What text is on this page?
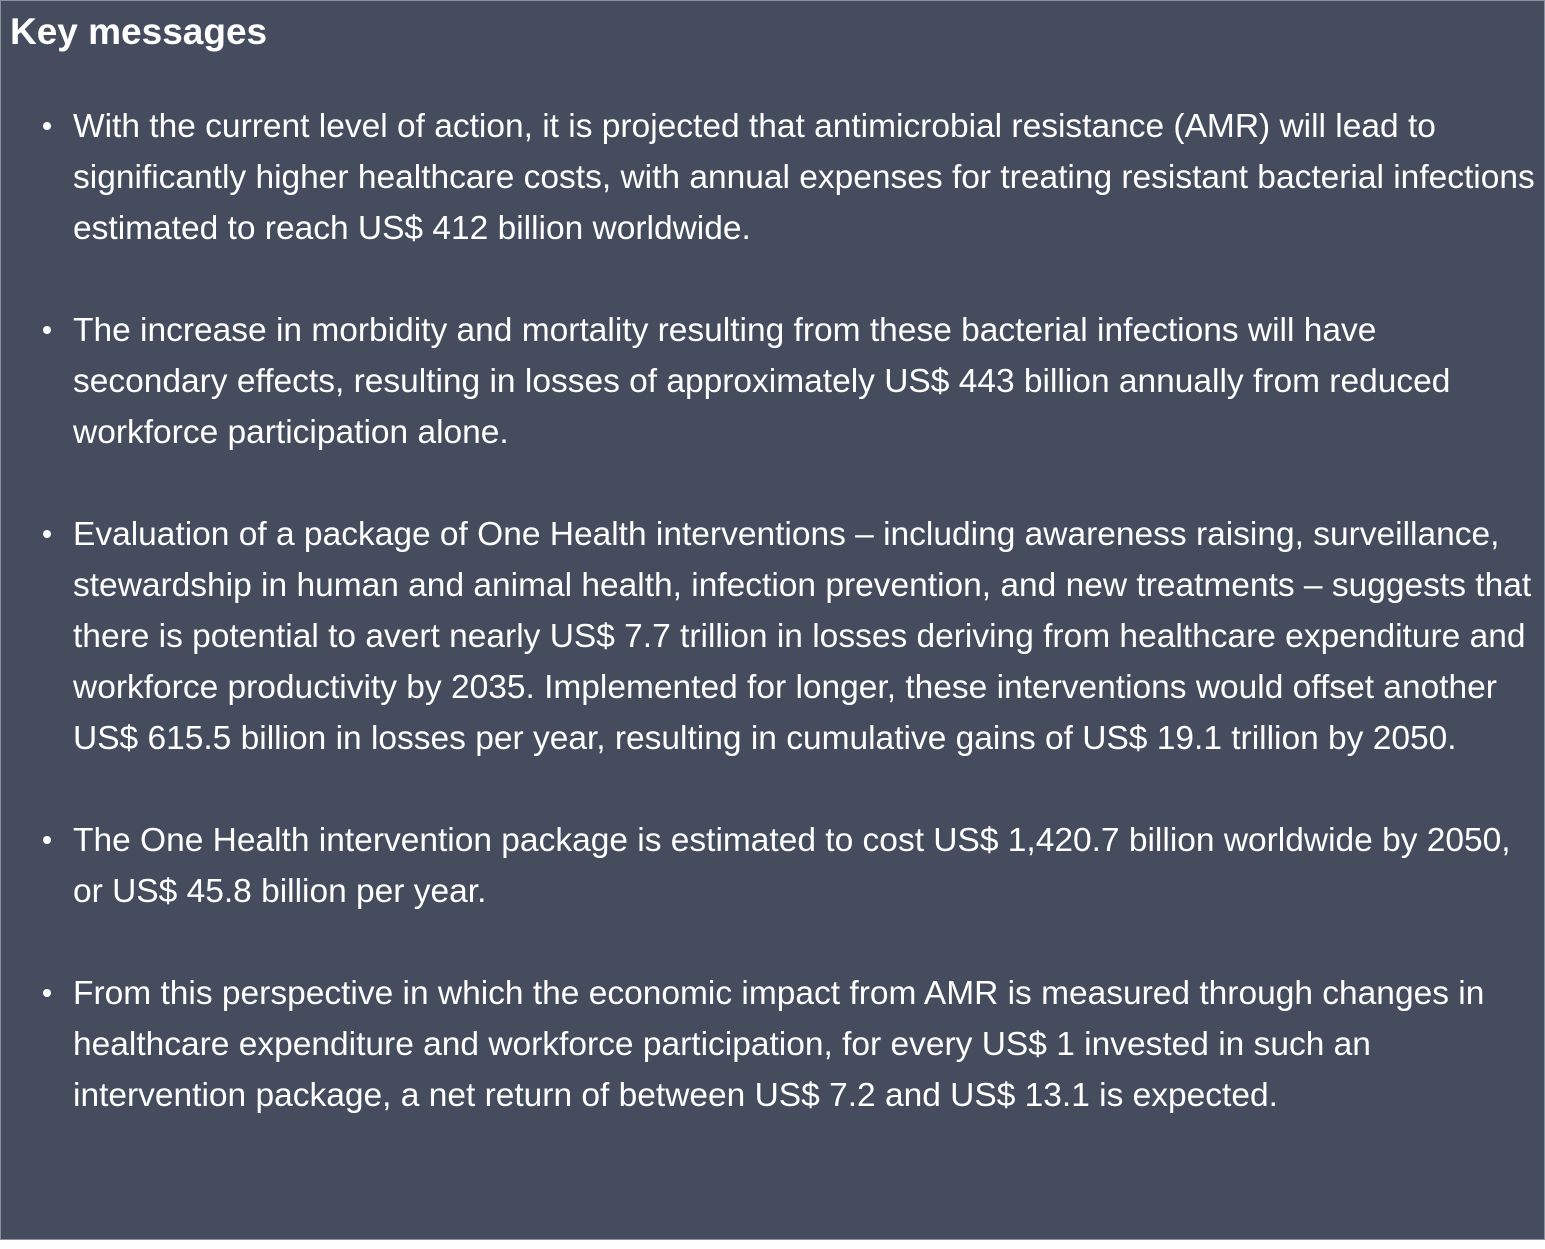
Key messages
With the current level of action, it is projected that antimicrobial resistance (AMR) will lead to significantly higher healthcare costs, with annual expenses for treating resistant bacterial infections estimated to reach US$ 412 billion worldwide.
The increase in morbidity and mortality resulting from these bacterial infections will have secondary effects, resulting in losses of approximately US$ 443 billion annually from reduced workforce participation alone.
Evaluation of a package of One Health interventions – including awareness raising, surveillance, stewardship in human and animal health, infection prevention, and new treatments – suggests that there is potential to avert nearly US$ 7.7 trillion in losses deriving from healthcare expenditure and workforce productivity by 2035. Implemented for longer, these interventions would offset another US$ 615.5 billion in losses per year, resulting in cumulative gains of US$ 19.1 trillion by 2050.
The One Health intervention package is estimated to cost US$ 1,420.7 billion worldwide by 2050, or US$ 45.8 billion per year.
From this perspective in which the economic impact from AMR is measured through changes in healthcare expenditure and workforce participation, for every US$ 1 invested in such an intervention package, a net return of between US$ 7.2 and US$ 13.1 is expected.
